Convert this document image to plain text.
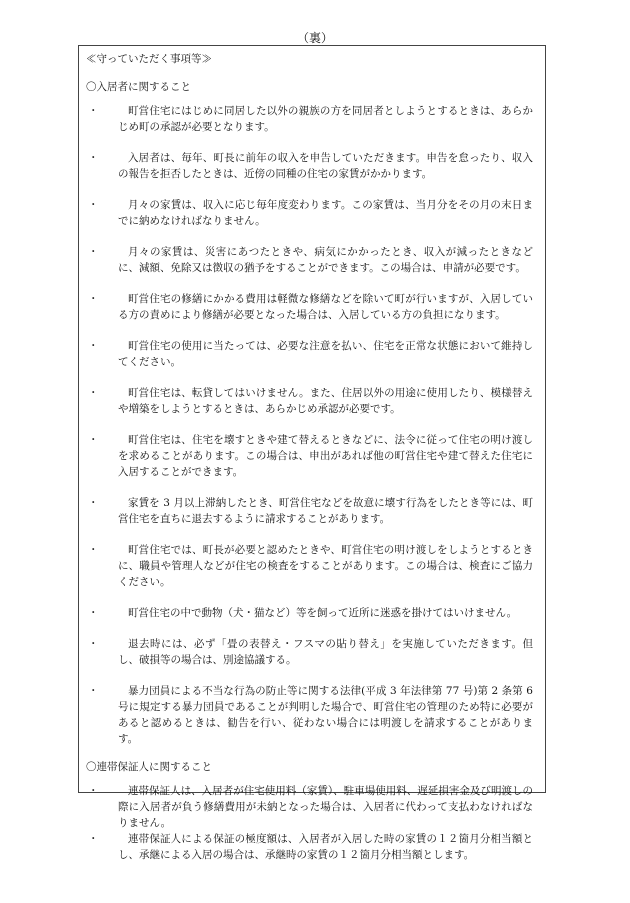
（裏）
≪守っていただく事項等≫
〇入居者に関すること
・	町営住宅にはじめに同居した以外の親族の方を同居者としようとするときは、あらかじめ町の承認が必要となります。
・	入居者は、毎年、町長に前年の収入を申告していただきます。申告を怠ったり、収入の報告を拒否したときは、近傍の同種の住宅の家賃がかかります。
・	月々の家賃は、収入に応じ毎年度変わります。この家賃は、当月分をその月の末日までに納めなければなりません。
・	月々の家賃は、災害にあつたときや、病気にかかったとき、収入が減ったときなどに、減額、免除又は徴収の猶予をすることができます。この場合は、申請が必要です。
・	町営住宅の修繕にかかる費用は軽微な修繕などを除いて町が行いますが、入居している方の責めにより修繕が必要となった場合は、入居している方の負担になります。
・	町営住宅の使用に当たっては、必要な注意を払い、住宅を正常な状態において維持してください。
・	町営住宅は、転貸してはいけません。また、住居以外の用途に使用したり、模様替えや増築をしようとするときは、あらかじめ承認が必要です。
・	町営住宅は、住宅を壊すときや建て替えるときなどに、法令に従って住宅の明け渡しを求めることがあります。この場合は、申出があれば他の町営住宅や建て替えた住宅に入居することができます。
・	家賃を 3 月以上滞納したとき、町営住宅などを故意に壊す行為をしたとき等には、町営住宅を直ちに退去するように請求することがあります。
・	町営住宅では、町長が必要と認めたときや、町営住宅の明け渡しをしようとするときに、職員や管理人などが住宅の検査をすることがあります。この場合は、検査にご協力ください。
・	町営住宅の中で動物（犬・猫など）等を飼って近所に迷惑を掛けてはいけません。
・	退去時には、必ず「畳の表替え・フスマの貼り替え」を実施していただきます。但し、破損等の場合は、別途協議する。
・	暴力団員による不当な行為の防止等に関する法律(平成 3 年法律第 77 号)第 2 条第 6 号に規定する暴力団員であることが判明した場合で、町営住宅の管理のため特に必要があると認めるときは、勧告を行い、従わない場合には明渡しを請求することがあります。
〇連帯保証人に関すること
・	連帯保証人は、入居者が住宅使用料（家賃）、駐車場使用料、遅延損害金及び明渡しの際に入居者が負う修繕費用が未納となった場合は、入居者に代わって支払わなければなりません。
・	連帯保証人による保証の極度額は、入居者が入居した時の家賃の１２箇月分相当額とし、承継による入居の場合は、承継時の家賃の１２箇月分相当額とします。
